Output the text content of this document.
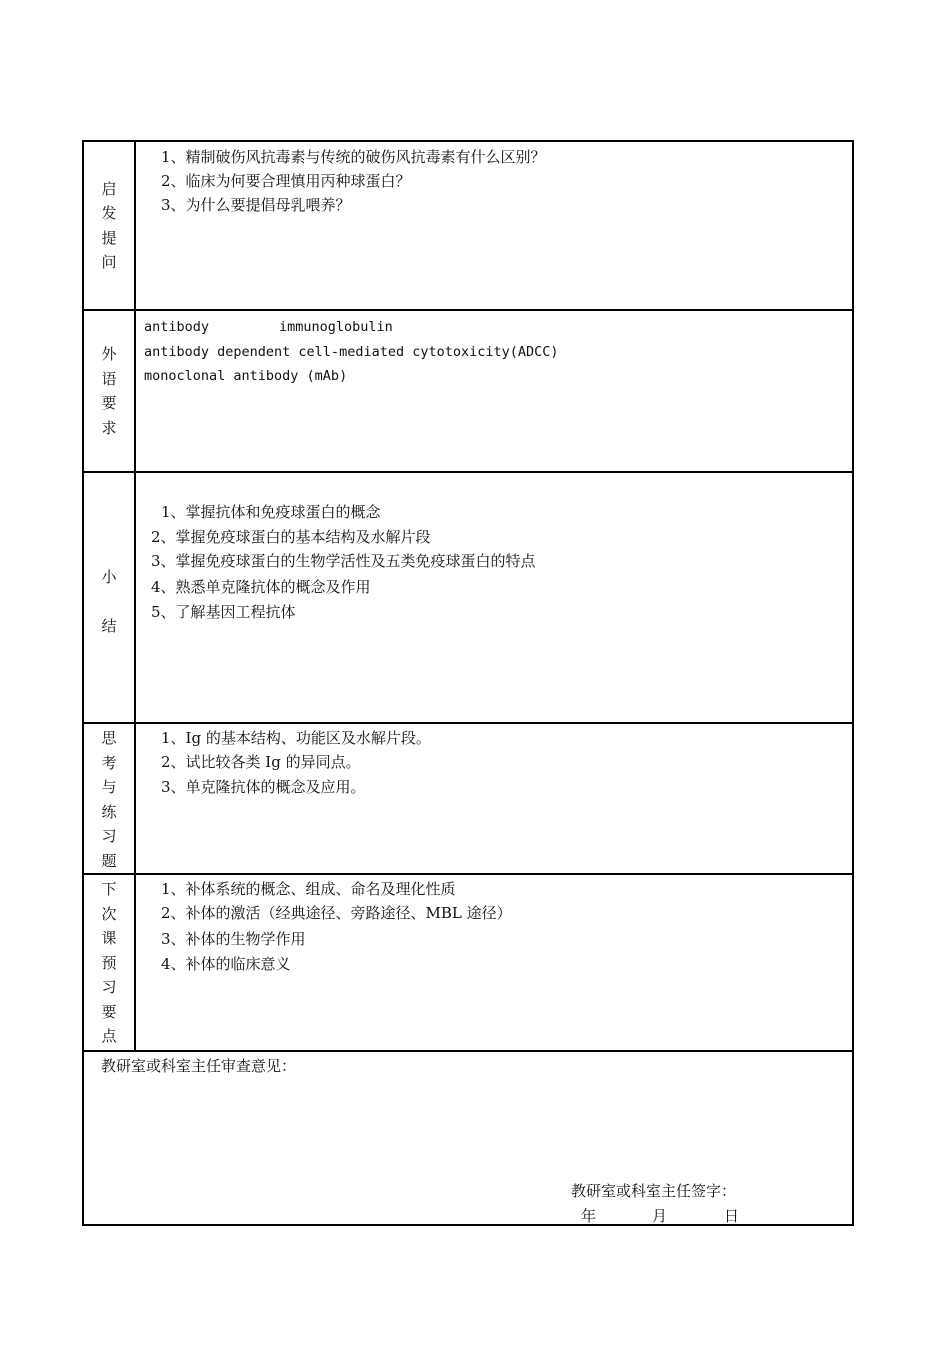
启
发
提
问
1、精制破伤风抗毒素与传统的破伤风抗毒素有什么区别？
2、临床为何要合理慎用丙种球蛋白？
3、为什么要提倡母乳喂养？
外
语
要
求
antibody	immunoglobulin
antibody dependent cell-mediated cytotoxicity(ADCC)
monoclonal antibody (mAb)
小
结
1、掌握抗体和免疫球蛋白的概念
2、掌握免疫球蛋白的基本结构及水解片段
3、掌握免疫球蛋白的生物学活性及五类免疫球蛋白的特点
4、熟悉单克隆抗体的概念及作用
5、了解基因工程抗体
思
考
与
练
习
题
1、Ig 的基本结构、功能区及水解片段。
2、试比较各类 Ig 的异同点。
3、单克隆抗体的概念及应用。
下
次
课
预
习
要
点
1、补体系统的概念、组成、命名及理化性质
2、补体的激活（经典途径、旁路途径、MBL 途径）
3、补体的生物学作用
4、补体的临床意义
教研室或科室主任审查意见：
教研室或科室主任签字：
年	月	日
